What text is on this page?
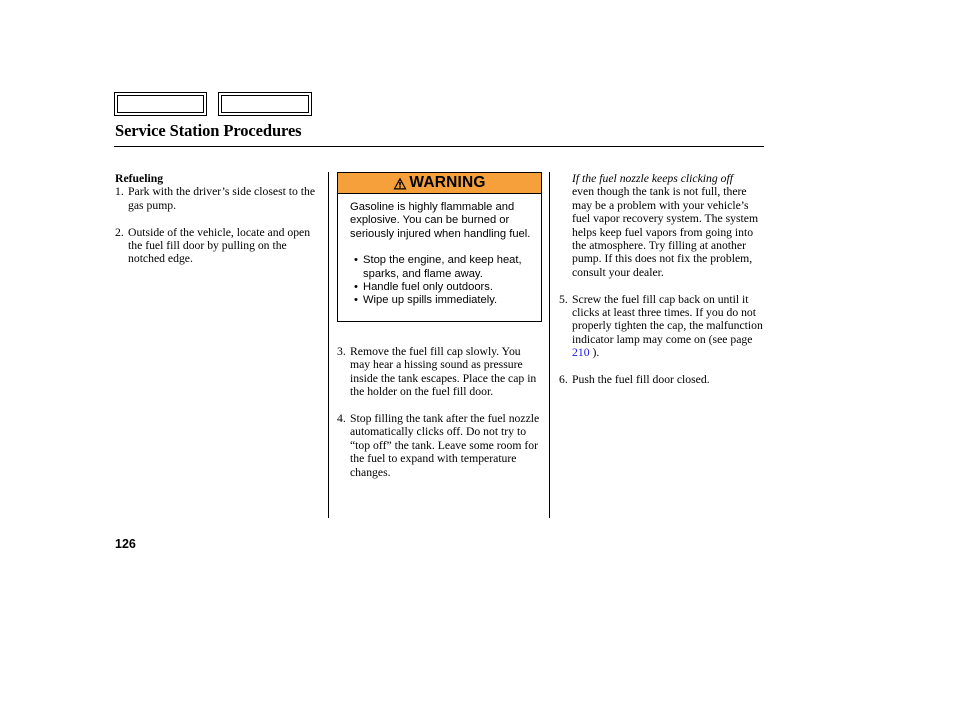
Service Station Procedures
Refueling
1. Park with the driver’s side closest to the gas pump.
2. Outside of the vehicle, locate and open the fuel fill door by pulling on the notched edge.
WARNING
Gasoline is highly flammable and explosive. You can be burned or seriously injured when handling fuel.
• Stop the engine, and keep heat, sparks, and flame away.
• Handle fuel only outdoors.
• Wipe up spills immediately.
3. Remove the fuel fill cap slowly. You may hear a hissing sound as pressure inside the tank escapes. Place the cap in the holder on the fuel fill door.
4. Stop filling the tank after the fuel nozzle automatically clicks off. Do not try to “top off” the tank. Leave some room for the fuel to expand with temperature changes.
If the fuel nozzle keeps clicking off
even though the tank is not full, there may be a problem with your vehicle’s fuel vapor recovery system. The system helps keep fuel vapors from going into the atmosphere. Try filling at another pump. If this does not fix the problem, consult your dealer.
5. Screw the fuel fill cap back on until it clicks at least three times. If you do not properly tighten the cap, the malfunction indicator lamp may come on (see page 210 ).
6. Push the fuel fill door closed.
126
